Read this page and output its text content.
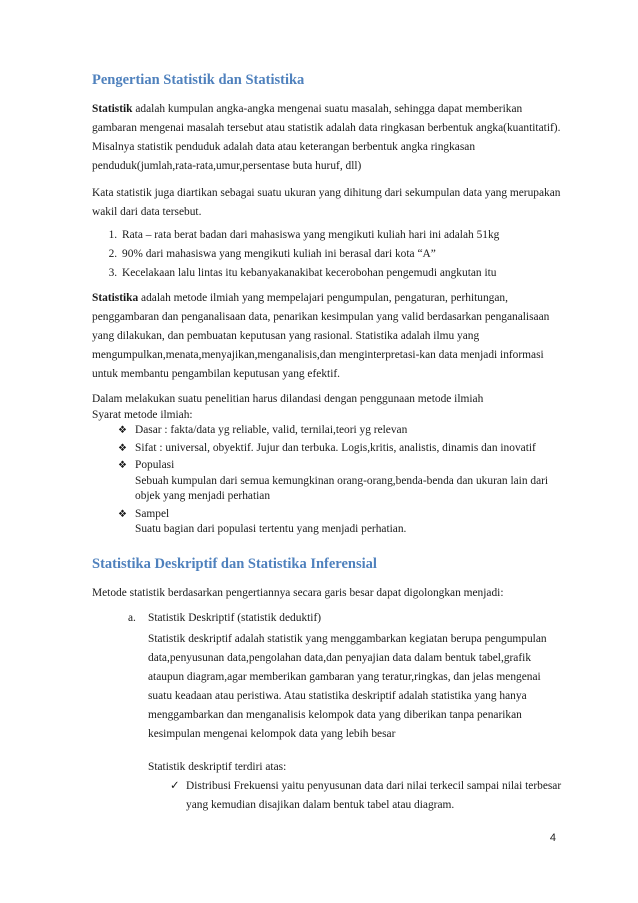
Pengertian Statistik dan Statistika

Statistik adalah kumpulan angka-angka mengenai suatu masalah, sehingga dapat memberikan gambaran mengenai masalah tersebut atau statistik adalah data ringkasan berbentuk angka(kuantitatif). Misalnya statistik penduduk adalah data atau keterangan berbentuk angka ringkasan penduduk(jumlah,rata-rata,umur,persentase buta huruf, dll)

Kata statistik juga diartikan sebagai suatu ukuran yang dihitung dari sekumpulan data yang merupakan wakil dari data tersebut.

1. Rata – rata berat badan dari mahasiswa yang mengikuti kuliah hari ini adalah 51kg
2. 90% dari mahasiswa yang mengikuti kuliah ini berasal dari kota “A”
3. Kecelakaan lalu lintas itu kebanyakanakibat kecerobohan pengemudi angkutan itu

Statistika adalah metode ilmiah yang mempelajari pengumpulan, pengaturan, perhitungan, penggambaran dan penganalisaan data, penarikan kesimpulan yang valid berdasarkan penganalisaan yang dilakukan, dan pembuatan keputusan yang rasional. Statistika adalah ilmu yang mengumpulkan,menata,menyajikan,menganalisis,dan menginterpretasi-kan data menjadi informasi untuk membantu pengambilan keputusan yang efektif.

Dalam melakukan suatu penelitian harus dilandasi dengan penggunaan metode ilmiah

Syarat metode ilmiah:

❖ Dasar : fakta/data yg reliable, valid, ternilai,teori yg relevan
❖ Sifat : universal, obyektif. Jujur dan terbuka. Logis,kritis, analistis, dinamis dan inovatif
❖ Populasi
Sebuah kumpulan dari semua kemungkinan orang-orang,benda-benda dan ukuran lain dari objek yang menjadi perhatian
❖ Sampel
Suatu bagian dari populasi tertentu yang menjadi perhatian.
Statistika Deskriptif dan Statistika Inferensial

Metode statistik berdasarkan pengertiannya secara garis besar dapat digolongkan menjadi:

a. Statistik Deskriptif (statistik deduktif)
Statistik deskriptif adalah statistik yang menggambarkan kegiatan berupa pengumpulan data,penyusunan data,pengolahan data,dan penyajian data dalam bentuk tabel,grafik ataupun diagram,agar memberikan gambaran yang teratur,ringkas, dan jelas mengenai suatu keadaan atau peristiwa. Atau statistika deskriptif adalah statistika yang hanya menggambarkan dan menganalisis kelompok data yang diberikan tanpa penarikan kesimpulan mengenai kelompok data yang lebih besar
Statistik deskriptif terdiri atas:
✓ Distribusi Frekuensi yaitu penyusunan data dari nilai terkecil sampai nilai terbesar yang kemudian disajikan dalam bentuk tabel atau diagram.
4
